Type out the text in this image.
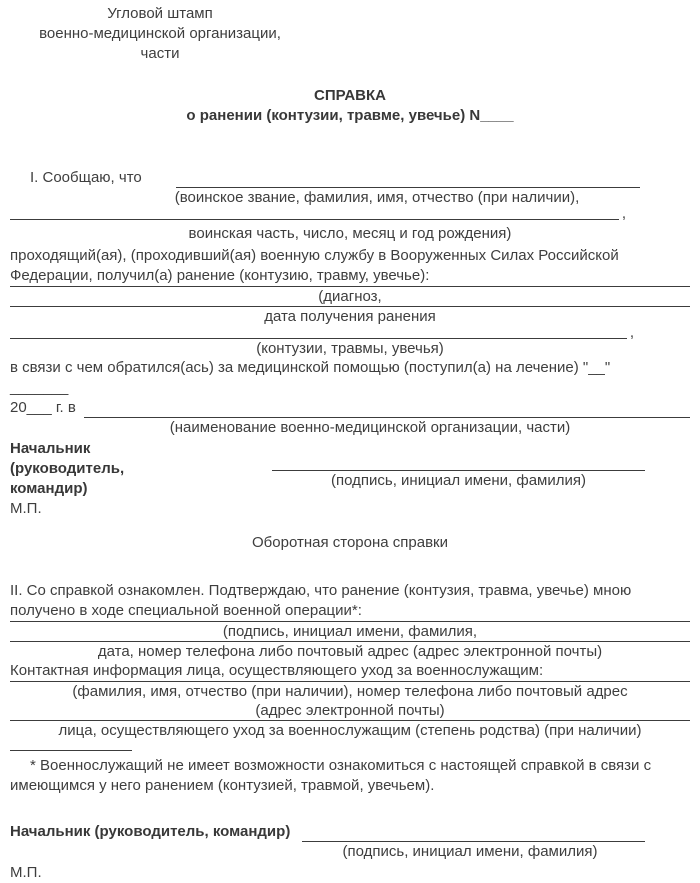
Угловой штамп
военно-медицинской организации,
части
СПРАВКА
о ранении (контузии, травме, увечье) N____
I. Сообщаю, что
(воинское звание, фамилия, имя, отчество (при наличии),
,
воинская часть, число, месяц и год рождения)

проходящий(ая), (проходивший(ая) военную службу в Вооруженных Силах Российской Федерации, получил(а) ранение (контузию, травму, увечье):

(диагноз,
дата получения ранения
,
(контузии, травмы, увечья)

в связи с чем обратился(ась) за медицинской помощью (поступил(а) на лечение) "__" _______

20___ г. в
(наименование военно-медицинской организации, части)
Начальник (руководитель,
командир)	(подпись, инициал имени, фамилия)
М.П.
Оборотная сторона справки

II. Со справкой ознакомлен. Подтверждаю, что ранение (контузия, травма, увечье) мною получено в ходе специальной военной операции*:

(подпись, инициал имени, фамилия,
дата, номер телефона либо почтовый адрес (адрес электронной почты)

Контактная информация лица, осуществляющего уход за военнослужащим:

(фамилия, имя, отчество (при наличии), номер телефона либо почтовый адрес (адрес электронной почты)
лица, осуществляющего уход за военнослужащим (степень родства) (при наличии)

* Военнослужащий не имеет возможности ознакомиться с настоящей справкой в связи с имеющимся у него ранением (контузией, травмой, увечьем).

Начальник (руководитель, командир)
(подпись, инициал имени, фамилия)
М.П.
